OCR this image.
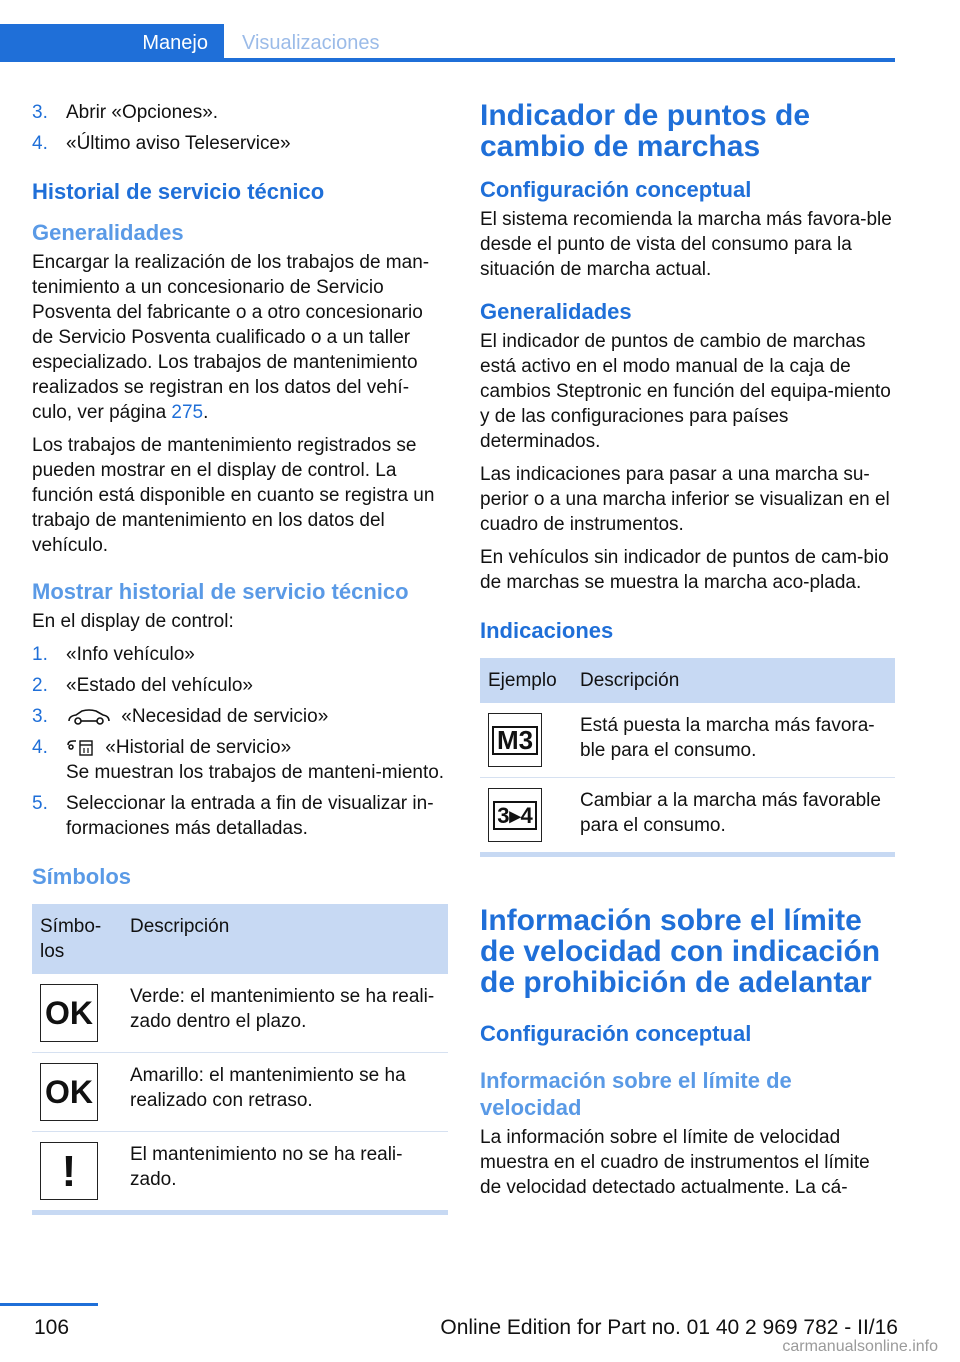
Manejo Visualizaciones
3. Abrir «Opciones».
4. «Último aviso Teleservice»
Historial de servicio técnico
Generalidades

Encargar la realización de los trabajos de man‐tenimiento a un concesionario de Servicio Posventa del fabricante o a otro concesionario de Servicio Posventa cualificado o a un taller especializado. Los trabajos de mantenimiento realizados se registran en los datos del vehí‐culo, ver página 275.

Los trabajos de mantenimiento registrados se pueden mostrar en el display de control. La función está disponible en cuanto se registra un trabajo de mantenimiento en los datos del vehículo.

Mostrar historial de servicio técnico

En el display de control:

1. «Info vehículo»
2. «Estado del vehículo»
3.	«Necesidad de servicio»
4.	«Historial de servicio»
Se muestran los trabajos de manteni‐miento.
5. Seleccionar la entrada a fin de visualizar in‐formaciones más detalladas.
Símbolos
Símbo‐los	Descripción

OK	Verde: el mantenimiento se ha reali‐zado dentro el plazo.

OK	Amarillo: el mantenimiento se ha realizado con retraso.

!	El mantenimiento no se ha reali‐zado.
Indicador de puntos de cambio de marchas
Configuración conceptual

El sistema recomienda la marcha más favora‐ble desde el punto de vista del consumo para la situación de marcha actual.

Generalidades

El indicador de puntos de cambio de marchas está activo en el modo manual de la caja de cambios Steptronic en función del equipa‐miento y de las configuraciones para países determinados.

Las indicaciones para pasar a una marcha su‐perior o a una marcha inferior se visualizan en el cuadro de instrumentos.

En vehículos sin indicador de puntos de cam‐bio de marchas se muestra la marcha aco‐plada.

Indicaciones
Ejemplo	Descripción

M3	Está puesta la marcha más favora‐ble para el consumo.

3▸4	Cambiar a la marcha más favorable para el consumo.
Información sobre el límite de velocidad con indicación de prohibición de adelantar
Configuración conceptual
Información sobre el límite de velocidad

La información sobre el límite de velocidad muestra en el cuadro de instrumentos el límite de velocidad detectado actualmente. La cá‐

106	Online Edition for Part no. 01 40 2 969 782 - II/16
carmanualsonline.info
